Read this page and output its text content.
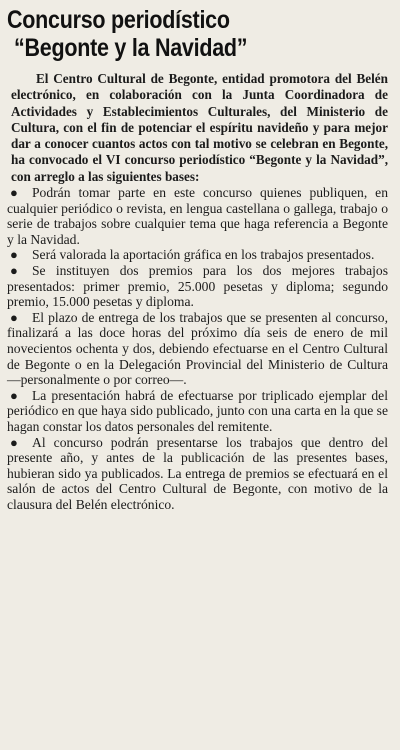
Concurso periodístico
“Begonte y la Navidad”

El Centro Cultural de Begonte, entidad promotora del Belén electrónico, en colaboración con la Junta Coordinadora de Actividades y Establecimientos Culturales, del Ministerio de Cultura, con el fin de potenciar el espíritu navideño y para mejor dar a conocer cuantos actos con tal motivo se celebran en Begonte, ha convocado el VI concurso periodístico “Begonte y la Navidad”, con arreglo a las siguientes bases:

● Podrán tomar parte en este concurso quienes publiquen, en cualquier periódico o revista, en lengua castellana o gallega, trabajo o serie de trabajos sobre cualquier tema que haga referencia a Begonte y la Navidad.

● Será valorada la aportación gráfica en los trabajos presentados.

● Se instituyen dos premios para los dos mejores trabajos presentados: primer premio, 25.000 pesetas y diploma; segundo premio, 15.000 pesetas y diploma.

● El plazo de entrega de los trabajos que se presenten al concurso, finalizará a las doce horas del próximo día seis de enero de mil novecientos ochenta y dos, debiendo efectuarse en el Centro Cultural de Begonte o en la Delegación Provincial del Ministerio de Cultura —personalmente o por correo—.

● La presentación habrá de efectuarse por triplicado ejemplar del periódico en que haya sido publicado, junto con una carta en la que se hagan constar los datos personales del remitente.

● Al concurso podrán presentarse los trabajos que dentro del presente año, y antes de la publicación de las presentes bases, hubieran sido ya publicados. La entrega de premios se efectuará en el salón de actos del Centro Cultural de Begonte, con motivo de la clausura del Belén electrónico.
